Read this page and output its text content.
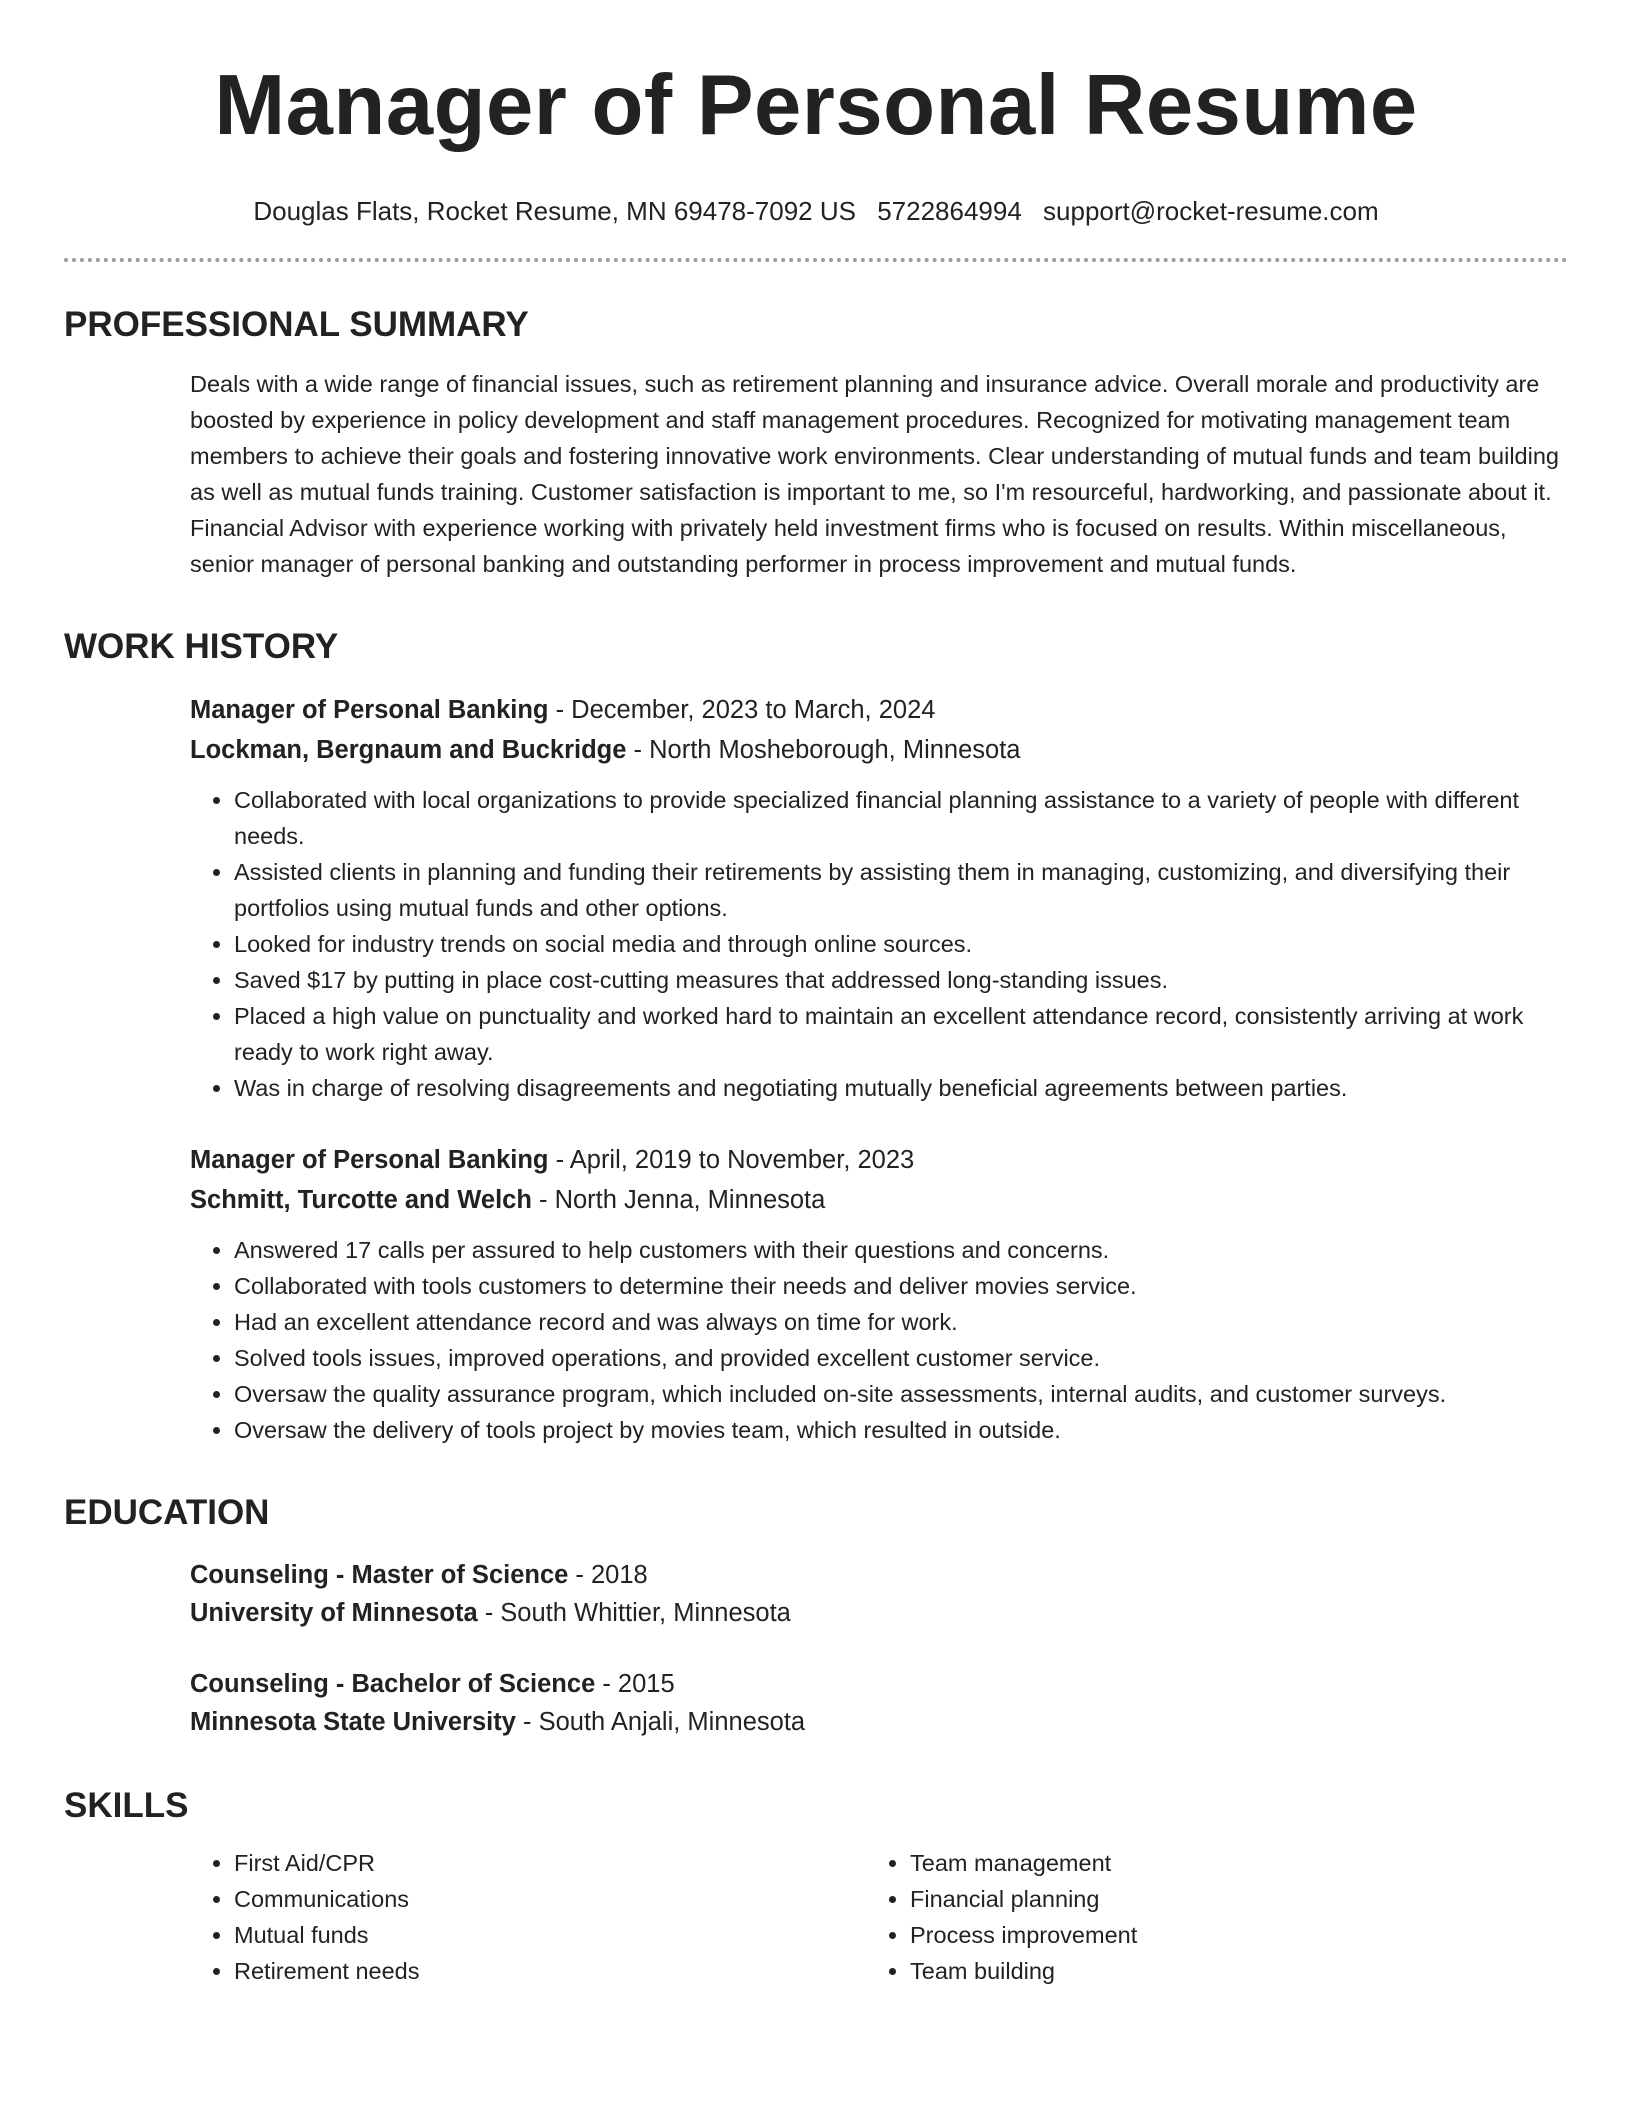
Manager of Personal Resume
Douglas Flats, Rocket Resume, MN 69478-7092 US 5722864994 support@rocket-resume.com
PROFESSIONAL SUMMARY

Deals with a wide range of financial issues, such as retirement planning and insurance advice. Overall morale and productivity are boosted by experience in policy development and staff management procedures. Recognized for motivating management team members to achieve their goals and fostering innovative work environments. Clear understanding of mutual funds and team building as well as mutual funds training. Customer satisfaction is important to me, so I'm resourceful, hardworking, and passionate about it. Financial Advisor with experience working with privately held investment firms who is focused on results. Within miscellaneous, senior manager of personal banking and outstanding performer in process improvement and mutual funds.

WORK HISTORY
Manager of Personal Banking - December, 2023 to March, 2024
Lockman, Bergnaum and Buckridge - North Mosheborough, Minnesota
• Collaborated with local organizations to provide specialized financial planning assistance to a variety of people with different needs.
• Assisted clients in planning and funding their retirements by assisting them in managing, customizing, and diversifying their portfolios using mutual funds and other options.
• Looked for industry trends on social media and through online sources.
• Saved $17 by putting in place cost-cutting measures that addressed long-standing issues.
• Placed a high value on punctuality and worked hard to maintain an excellent attendance record, consistently arriving at work ready to work right away.
• Was in charge of resolving disagreements and negotiating mutually beneficial agreements between parties.
Manager of Personal Banking - April, 2019 to November, 2023
Schmitt, Turcotte and Welch - North Jenna, Minnesota
• Answered 17 calls per assured to help customers with their questions and concerns.
• Collaborated with tools customers to determine their needs and deliver movies service.
• Had an excellent attendance record and was always on time for work.
• Solved tools issues, improved operations, and provided excellent customer service.
• Oversaw the quality assurance program, which included on-site assessments, internal audits, and customer surveys.
• Oversaw the delivery of tools project by movies team, which resulted in outside.
EDUCATION
Counseling - Master of Science - 2018
University of Minnesota - South Whittier, Minnesota
Counseling - Bachelor of Science - 2015
Minnesota State University - South Anjali, Minnesota
SKILLS
• First Aid/CPR
• Communications
• Mutual funds
• Retirement needs
• Team management
• Financial planning
• Process improvement
• Team building
